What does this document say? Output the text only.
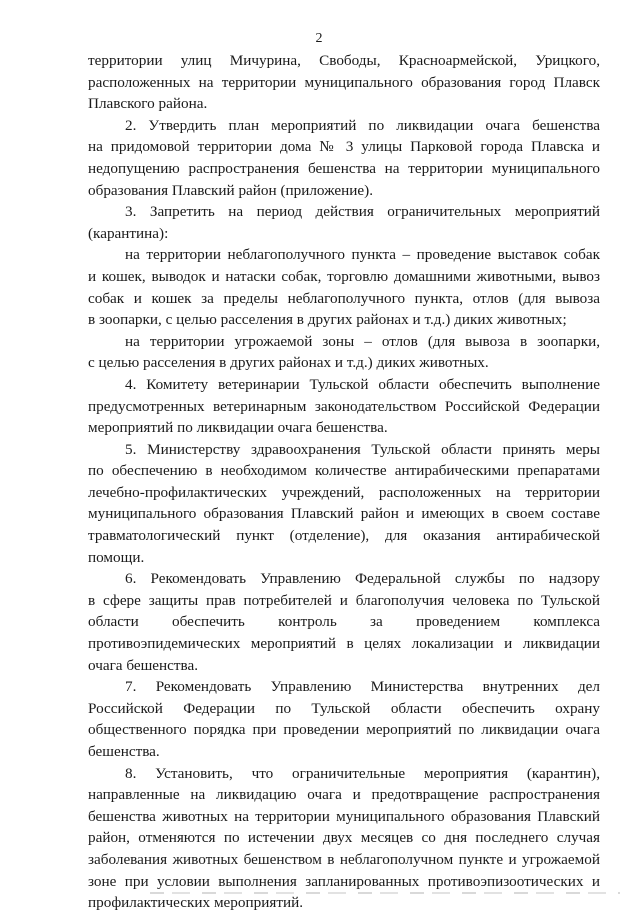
2

территории улиц Мичурина, Свободы, Красноармейской, Урицкого,
расположенных на территории муниципального образования город Плавск
Плавского района.

2. Утвердить план мероприятий по ликвидации очага бешенства
на придомовой территории дома № 3 улицы Парковой города Плавска и
недопущению распространения бешенства на территории муниципального
образования Плавский район (приложение).

3. Запретить на период действия ограничительных мероприятий
(карантина):

на территории неблагополучного пункта – проведение выставок собак
и кошек, выводок и натаски собак, торговлю домашними животными, вывоз
собак и кошек за пределы неблагополучного пункта, отлов (для вывоза
в зоопарки, с целью расселения в других районах и т.д.) диких животных;

на территории угрожаемой зоны – отлов (для вывоза в зоопарки,
с целью расселения в других районах и т.д.) диких животных.

4. Комитету ветеринарии Тульской области обеспечить выполнение
предусмотренных ветеринарным законодательством Российской Федерации
мероприятий по ликвидации очага бешенства.

5. Министерству здравоохранения Тульской области принять меры
по обеспечению в необходимом количестве антирабическими препаратами
лечебно-профилактических учреждений, расположенных на территории
муниципального образования Плавский район и имеющих в своем составе
травматологический пункт (отделение), для оказания антирабической
помощи.

6. Рекомендовать Управлению Федеральной службы по надзору
в сфере защиты прав потребителей и благополучия человека по Тульской
области обеспечить контроль за проведением комплекса
противоэпидемических мероприятий в целях локализации и ликвидации
очага бешенства.

7. Рекомендовать Управлению Министерства внутренних дел
Российской Федерации по Тульской области обеспечить охрану
общественного порядка при проведении мероприятий по ликвидации очага
бешенства.

8. Установить, что ограничительные мероприятия (карантин),
направленные на ликвидацию очага и предотвращение распространения
бешенства животных на территории муниципального образования Плавский
район, отменяются по истечении двух месяцев со дня последнего случая
заболевания животных бешенством в неблагополучном пункте и угрожаемой
зоне при условии выполнения запланированных противоэпизоотических и
профилактических мероприятий.
